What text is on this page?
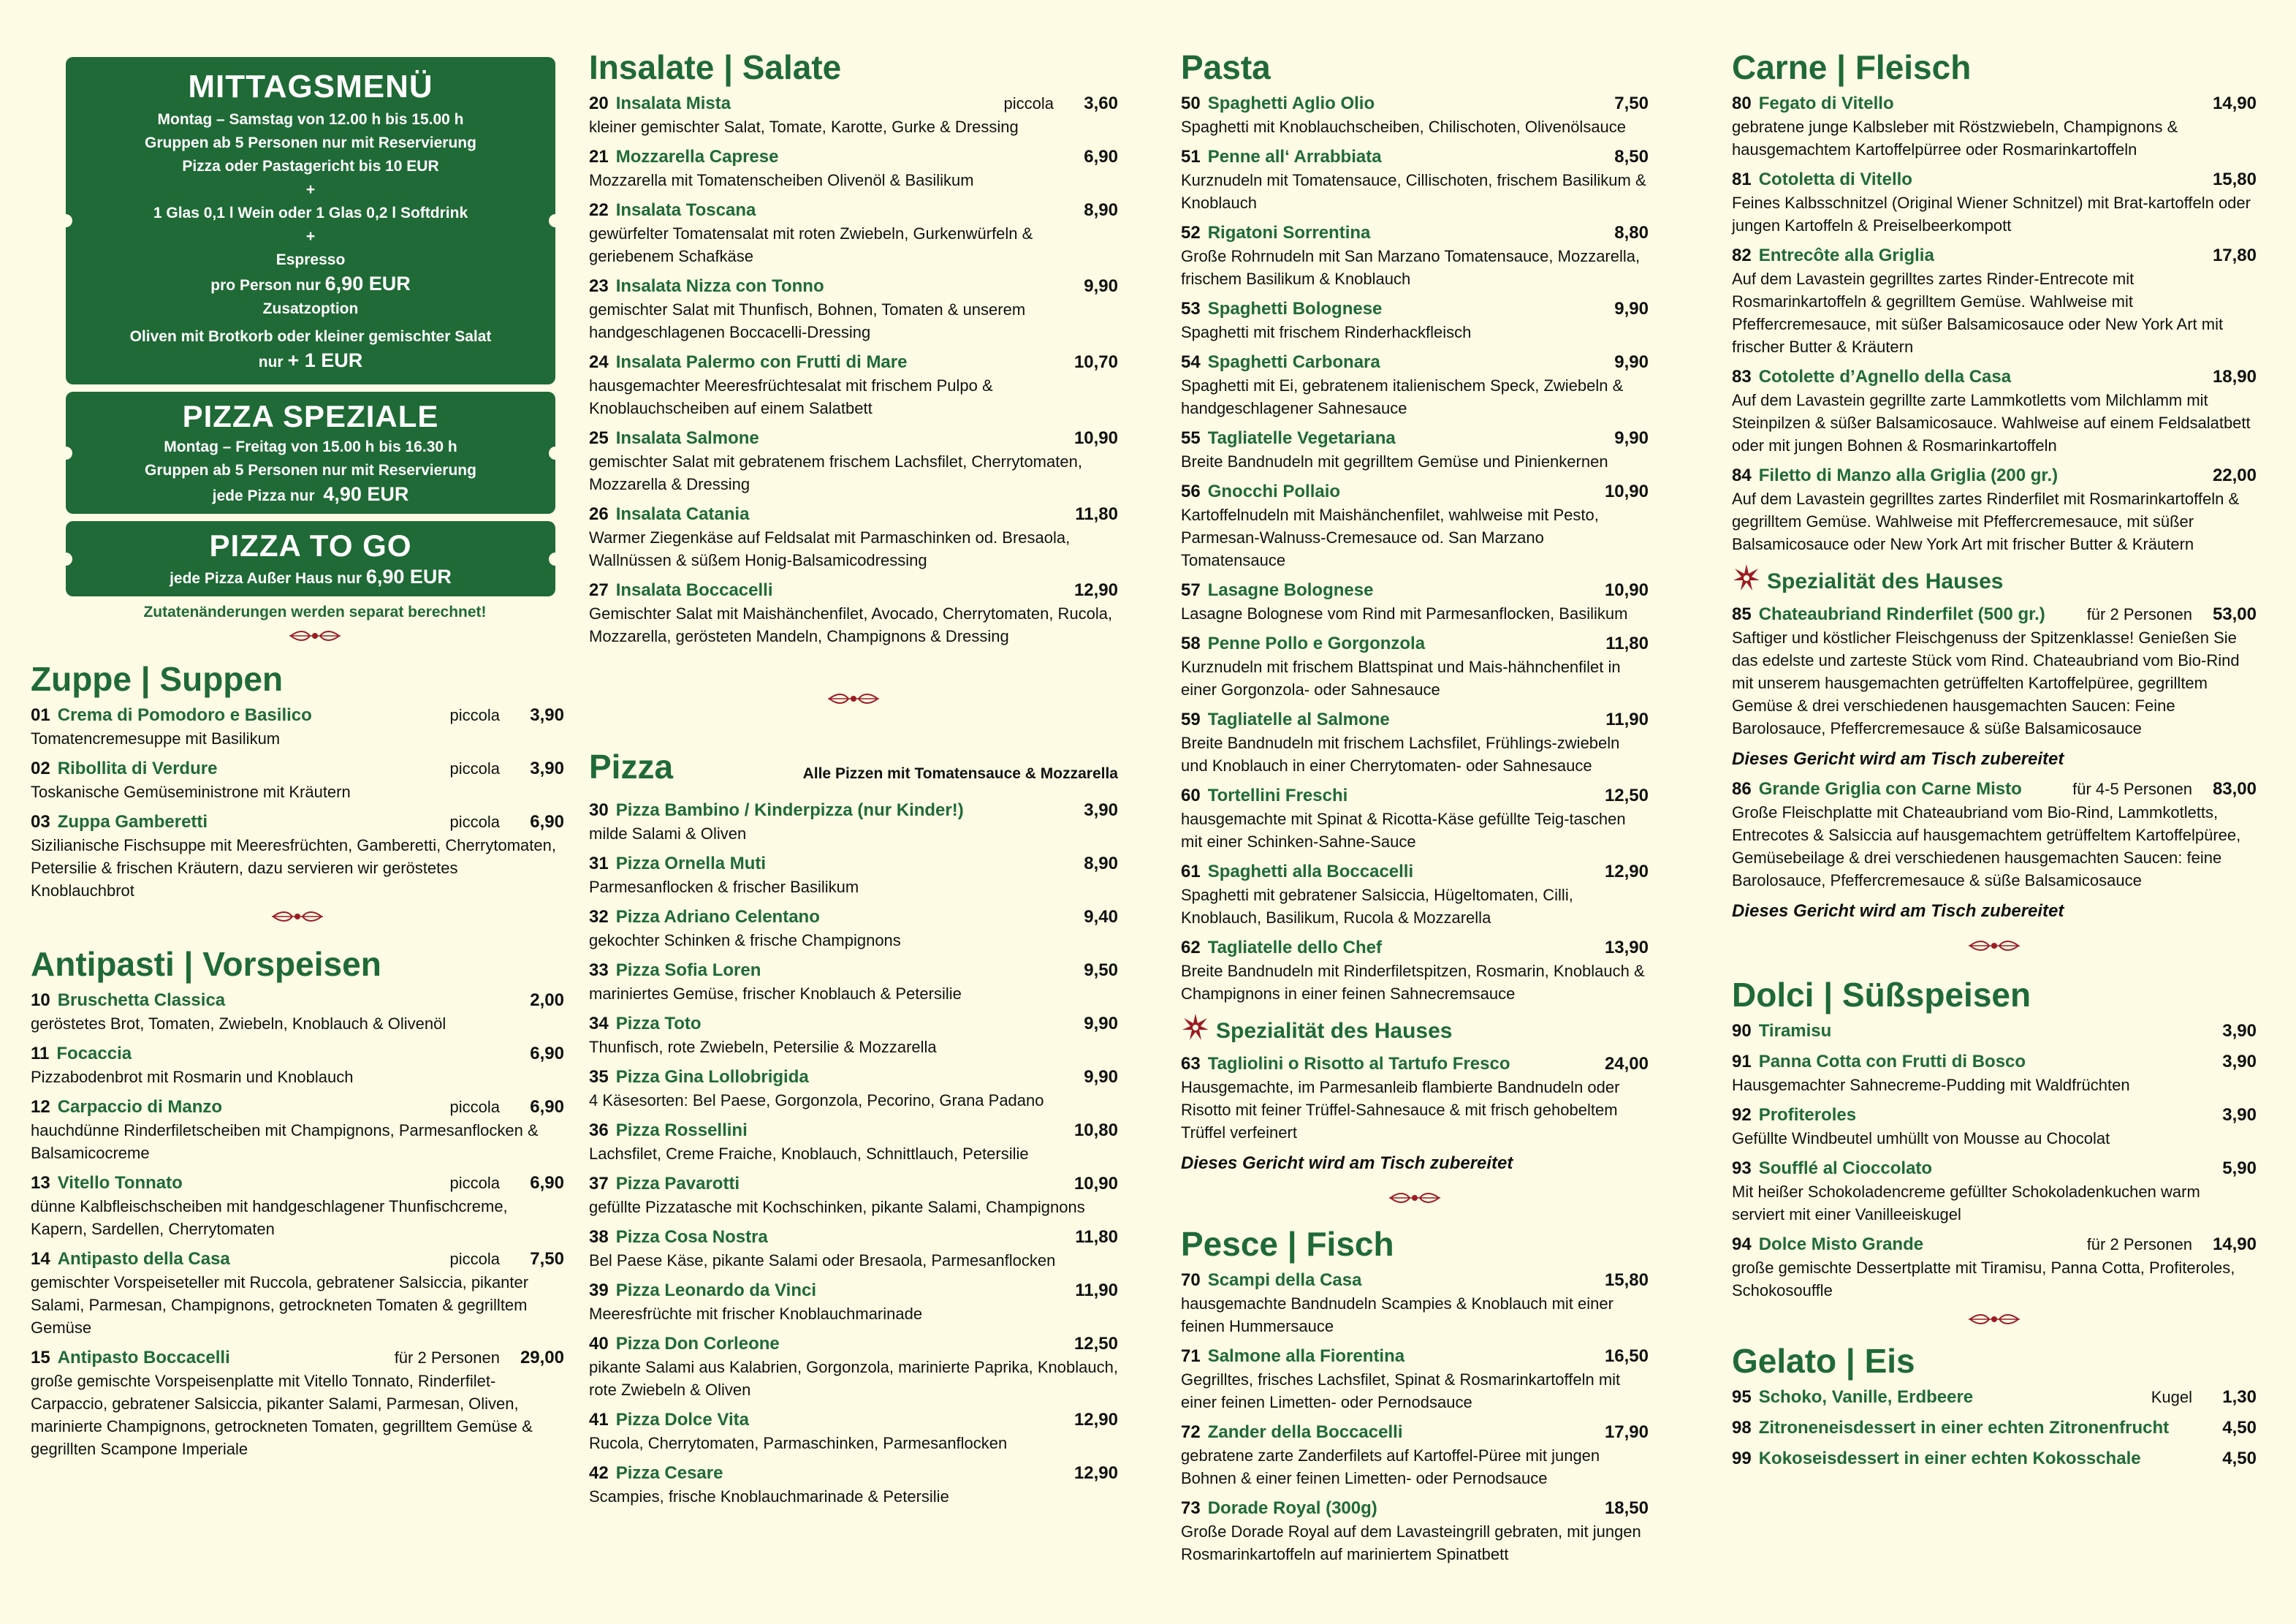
MITTAGSMENÜ
Montag – Samstag von 12.00 h bis 15.00 h
Gruppen ab 5 Personen nur mit Reservierung
Pizza oder Pastagericht bis 10 EUR
+
1 Glas 0,1 l Wein oder 1 Glas 0,2 l Softdrink
+
Espresso
pro Person nur 6,90 EUR
Zusatzoption
Oliven mit Brotkorb oder kleiner gemischter Salat
nur + 1 EUR
PIZZA SPEZIALE
Montag – Freitag von 15.00 h bis 16.30 h
Gruppen ab 5 Personen nur mit Reservierung
jede Pizza nur 4,90 EUR
PIZZA TO GO
jede Pizza Außer Haus nur 6,90 EUR
Zutatenänderungen werden separat berechnet!
Zuppe | Suppen
01 Crema di Pomodoro e Basilico	piccola	3,90
Tomatencremesuppe mit Basilikum
02 Ribollita di Verdure	piccola	3,90
Toskanische Gemüseministrone mit Kräutern
03 Zuppa Gamberetti	piccola	6,90
Sizilianische Fischsuppe mit Meeresfrüchten, Gamberetti, Cherrytomaten, Petersilie & frischen Kräutern, dazu servieren wir geröstetes Knoblauchbrot
Antipasti | Vorspeisen
10 Bruschetta Classica	2,00
geröstetes Brot, Tomaten, Zwiebeln, Knoblauch & Olivenöl
11 Focaccia	6,90
Pizzabodenbrot mit Rosmarin und Knoblauch
12 Carpaccio di Manzo	piccola	6,90
hauchdünne Rinderfiletscheiben mit Champignons, Parmesanflocken & Balsamicocreme
13 Vitello Tonnato	piccola	6,90
dünne Kalbfleischscheiben mit handgeschlagener Thunfischcreme, Kapern, Sardellen, Cherrytomaten
14 Antipasto della Casa	piccola	7,50
gemischter Vorspeiseteller mit Ruccola, gebratener Salsiccia, pikanter Salami, Parmesan, Champignons, getrockneten Tomaten & gegrilltem Gemüse
15 Antipasto Boccacelli	für 2 Personen	29,00
große gemischte Vorspeisenplatte mit Vitello Tonnato, Rinderfilet-Carpaccio, gebratener Salsiccia, pikanter Salami, Parmesan, Oliven, marinierte Champignons, getrockneten Tomaten, gegrilltem Gemüse & gegrillten Scampone Imperiale
Insalate | Salate
20 Insalata Mista	piccola	3,60
kleiner gemischter Salat, Tomate, Karotte, Gurke & Dressing
21 Mozzarella Caprese	6,90
Mozzarella mit Tomatenscheiben Olivenöl & Basilikum
22 Insalata Toscana	8,90
gewürfelter Tomatensalat mit roten Zwiebeln, Gurkenwürfeln & geriebenem Schafkäse
23 Insalata Nizza con Tonno	9,90
gemischter Salat mit Thunfisch, Bohnen, Tomaten & unserem handgeschlagenen Boccacelli-Dressing
24 Insalata Palermo con Frutti di Mare	10,70
hausgemachter Meeresfrüchtesalat mit frischem Pulpo & Knoblauchscheiben auf einem Salatbett
25 Insalata Salmone	10,90
gemischter Salat mit gebratenem frischem Lachsfilet, Cherrytomaten, Mozzarella & Dressing
26 Insalata Catania	11,80
Warmer Ziegenkäse auf Feldsalat mit Parmaschinken od. Bresaola, Wallnüssen & süßem Honig-Balsamicodressing
27 Insalata Boccacelli	12,90
Gemischter Salat mit Maishänchenfilet, Avocado, Cherrytomaten, Rucola, Mozzarella, gerösteten Mandeln, Champignons & Dressing
Pizza	Alle Pizzen mit Tomatensauce & Mozzarella
30 Pizza Bambino / Kinderpizza (nur Kinder!)	3,90
milde Salami & Oliven
31 Pizza Ornella Muti	8,90
Parmesanflocken & frischer Basilikum
32 Pizza Adriano Celentano	9,40
gekochter Schinken & frische Champignons
33 Pizza Sofia Loren	9,50
mariniertes Gemüse, frischer Knoblauch & Petersilie
34 Pizza Toto	9,90
Thunfisch, rote Zwiebeln, Petersilie & Mozzarella
35 Pizza Gina Lollobrigida	9,90
4 Käsesorten: Bel Paese, Gorgonzola, Pecorino, Grana Padano
36 Pizza Rossellini	10,80
Lachsfilet, Creme Fraiche, Knoblauch, Schnittlauch, Petersilie
37 Pizza Pavarotti	10,90
gefüllte Pizzatasche mit Kochschinken, pikante Salami, Champignons
38 Pizza Cosa Nostra	11,80
Bel Paese Käse, pikante Salami oder Bresaola, Parmesanflocken
39 Pizza Leonardo da Vinci	11,90
Meeresfrüchte mit frischer Knoblauchmarinade
40 Pizza Don Corleone	12,50
pikante Salami aus Kalabrien, Gorgonzola, marinierte Paprika, Knoblauch, rote Zwiebeln & Oliven
41 Pizza Dolce Vita	12,90
Rucola, Cherrytomaten, Parmaschinken, Parmesanflocken
42 Pizza Cesare	12,90
Scampies, frische Knoblauchmarinade & Petersilie
Pasta
50 Spaghetti Aglio Olio	7,50
Spaghetti mit Knoblauchscheiben, Chilischoten, Olivenölsauce
51 Penne all‘ Arrabbiata	8,50
Kurznudeln mit Tomatensauce, Cillischoten, frischem Basilikum & Knoblauch
52 Rigatoni Sorrentina	8,80
Große Rohrnudeln mit San Marzano Tomatensauce, Mozzarella, frischem Basilikum & Knoblauch
53 Spaghetti Bolognese	9,90
Spaghetti mit frischem Rinderhackfleisch
54 Spaghetti Carbonara	9,90
Spaghetti mit Ei, gebratenem italienischem Speck, Zwiebeln & handgeschlagener Sahnesauce
55 Tagliatelle Vegetariana	9,90
Breite Bandnudeln mit gegrilltem Gemüse und Pinienkernen
56 Gnocchi Pollaio	10,90
Kartoffelnudeln mit Maishänchenfilet, wahlweise mit Pesto, Parmesan-Walnuss-Cremesauce od. San Marzano Tomatensauce
57 Lasagne Bolognese	10,90
Lasagne Bolognese vom Rind mit Parmesanflocken, Basilikum
58 Penne Pollo e Gorgonzola	11,80
Kurznudeln mit frischem Blattspinat und Mais-hähnchenfilet in einer Gorgonzola- oder Sahnesauce
59 Tagliatelle al Salmone	11,90
Breite Bandnudeln mit frischem Lachsfilet, Frühlings-zwiebeln und Knoblauch in einer Cherrytomaten- oder Sahnesauce
60 Tortellini Freschi	12,50
hausgemachte mit Spinat & Ricotta-Käse gefüllte Teig-taschen mit einer Schinken-Sahne-Sauce
61 Spaghetti alla Boccacelli	12,90
Spaghetti mit gebratener Salsiccia, Hügeltomaten, Cilli, Knoblauch, Basilikum, Rucola & Mozzarella
62 Tagliatelle dello Chef	13,90
Breite Bandnudeln mit Rinderfiletspitzen, Rosmarin, Knoblauch & Champignons in einer feinen Sahnecremsauce
Spezialität des Hauses
63 Tagliolini o Risotto al Tartufo Fresco	24,00
Hausgemachte, im Parmesanleib flambierte Bandnudeln oder Risotto mit feiner Trüffel-Sahnesauce & mit frisch gehobeltem Trüffel verfeinert
Dieses Gericht wird am Tisch zubereitet
Pesce | Fisch
70 Scampi della Casa	15,80
hausgemachte Bandnudeln Scampies & Knoblauch mit einer feinen Hummersauce
71 Salmone alla Fiorentina	16,50
Gegrilltes, frisches Lachsfilet, Spinat & Rosmarinkartoffeln mit einer feinen Limetten- oder Pernodsauce
72 Zander della Boccacelli	17,90
gebratene zarte Zanderfilets auf Kartoffel-Püree mit jungen Bohnen & einer feinen Limetten- oder Pernodsauce
73 Dorade Royal (300g)	18,50
Große Dorade Royal auf dem Lavasteingrill gebraten, mit jungen Rosmarinkartoffeln auf mariniertem Spinatbett
Carne | Fleisch
80 Fegato di Vitello	14,90
gebratene junge Kalbsleber mit Röstzwiebeln, Champignons & hausgemachtem Kartoffelpürree oder Rosmarinkartoffeln
81 Cotoletta di Vitello	15,80
Feines Kalbsschnitzel (Original Wiener Schnitzel) mit Brat-kartoffeln oder jungen Kartoffeln & Preiselbeerkompott
82 Entrecôte alla Griglia	17,80
Auf dem Lavastein gegrilltes zartes Rinder-Entrecote mit Rosmarinkartoffeln & gegrilltem Gemüse. Wahlweise mit Pfeffercremesauce, mit süßer Balsamicosauce oder New York Art mit frischer Butter & Kräutern
83 Cotolette d’Agnello della Casa	18,90
Auf dem Lavastein gegrillte zarte Lammkotletts vom Milchlamm mit Steinpilzen & süßer Balsamicosauce. Wahlweise auf einem Feldsalatbett oder mit jungen Bohnen & Rosmarinkartoffeln
84 Filetto di Manzo alla Griglia (200 gr.)	22,00
Auf dem Lavastein gegrilltes zartes Rinderfilet mit Rosmarinkartoffeln & gegrilltem Gemüse. Wahlweise mit Pfeffercremesauce, mit süßer Balsamicosauce oder New York Art mit frischer Butter & Kräutern
Spezialität des Hauses
85 Chateaubriand Rinderfilet (500 gr.)	für 2 Personen	53,00
Saftiger und köstlicher Fleischgenuss der Spitzenklasse! Genießen Sie das edelste und zarteste Stück vom Rind. Chateaubriand vom Bio-Rind mit unserem hausgemachten getrüffelten Kartoffelpüree, gegrilltem Gemüse & drei verschiedenen hausgemachten Saucen: Feine Barolosauce, Pfeffercremesauce & süße Balsamicosauce
Dieses Gericht wird am Tisch zubereitet
86 Grande Griglia con Carne Misto	für 4-5 Personen	83,00
Große Fleischplatte mit Chateaubriand vom Bio-Rind, Lammkotletts, Entrecotes & Salsiccia auf hausgemachtem getrüffeltem Kartoffelpüree, Gemüsebeilage & drei verschiedenen hausgemachten Saucen: feine Barolosauce, Pfeffercremesauce & süße Balsamicosauce
Dieses Gericht wird am Tisch zubereitet
Dolci | Süßspeisen
90 Tiramisu	3,90
91 Panna Cotta con Frutti di Bosco	3,90
Hausgemachter Sahnecreme-Pudding mit Waldfrüchten
92 Profiteroles	3,90
Gefüllte Windbeutel umhüllt von Mousse au Chocolat
93 Soufflé al Cioccolato	5,90
Mit heißer Schokoladencreme gefüllter Schokoladenkuchen warm serviert mit einer Vanilleeiskugel
94 Dolce Misto Grande	für 2 Personen	14,90
große gemischte Dessertplatte mit Tiramisu, Panna Cotta, Profiteroles, Schokosouffle
Gelato | Eis
95 Schoko, Vanille, Erdbeere	Kugel	1,30
98 Zitroneneisdessert in einer echten Zitronenfrucht	4,50
99 Kokoseisdessert in einer echten Kokosschale	4,50
